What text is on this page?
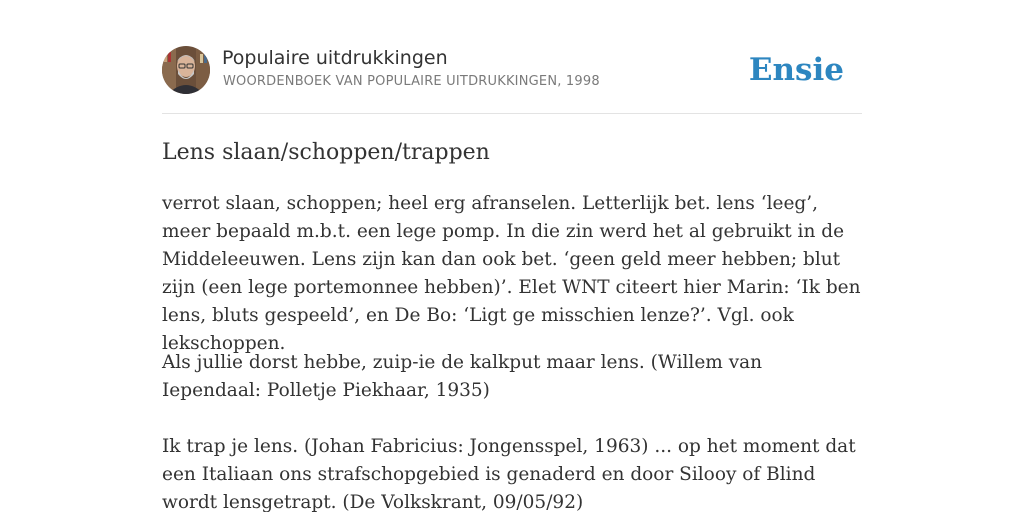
Populaire uitdrukkingen
WOORDENBOEK VAN POPULAIRE UITDRUKKINGEN, 1998	Ensie
Lens slaan/schoppen/trappen

verrot slaan, schoppen; heel erg afranselen. Letterlijk bet. lens ‘leeg’, meer bepaald m.b.t. een lege pomp. In die zin werd het al gebruikt in de Middeleeuwen. Lens zijn kan dan ook bet. ‘geen geld meer hebben; blut zijn (een lege portemonnee hebben)’. Elet WNT citeert hier Marin: ‘Ik ben lens, bluts gespeeld’, en De Bo: ‘Ligt ge misschien lenze?’. Vgl. ook lekschoppen.

Als jullie dorst hebbe, zuip-ie de kalkput maar lens. (Willem van Iependaal: Polletje Piekhaar, 1935)

Ik trap je lens. (Johan Fabricius: Jongensspel, 1963) ... op het moment dat een Italiaan ons strafschopgebied is genaderd en door Silooy of Blind wordt lensgetrapt. (De Volkskrant, 09/05/92)
